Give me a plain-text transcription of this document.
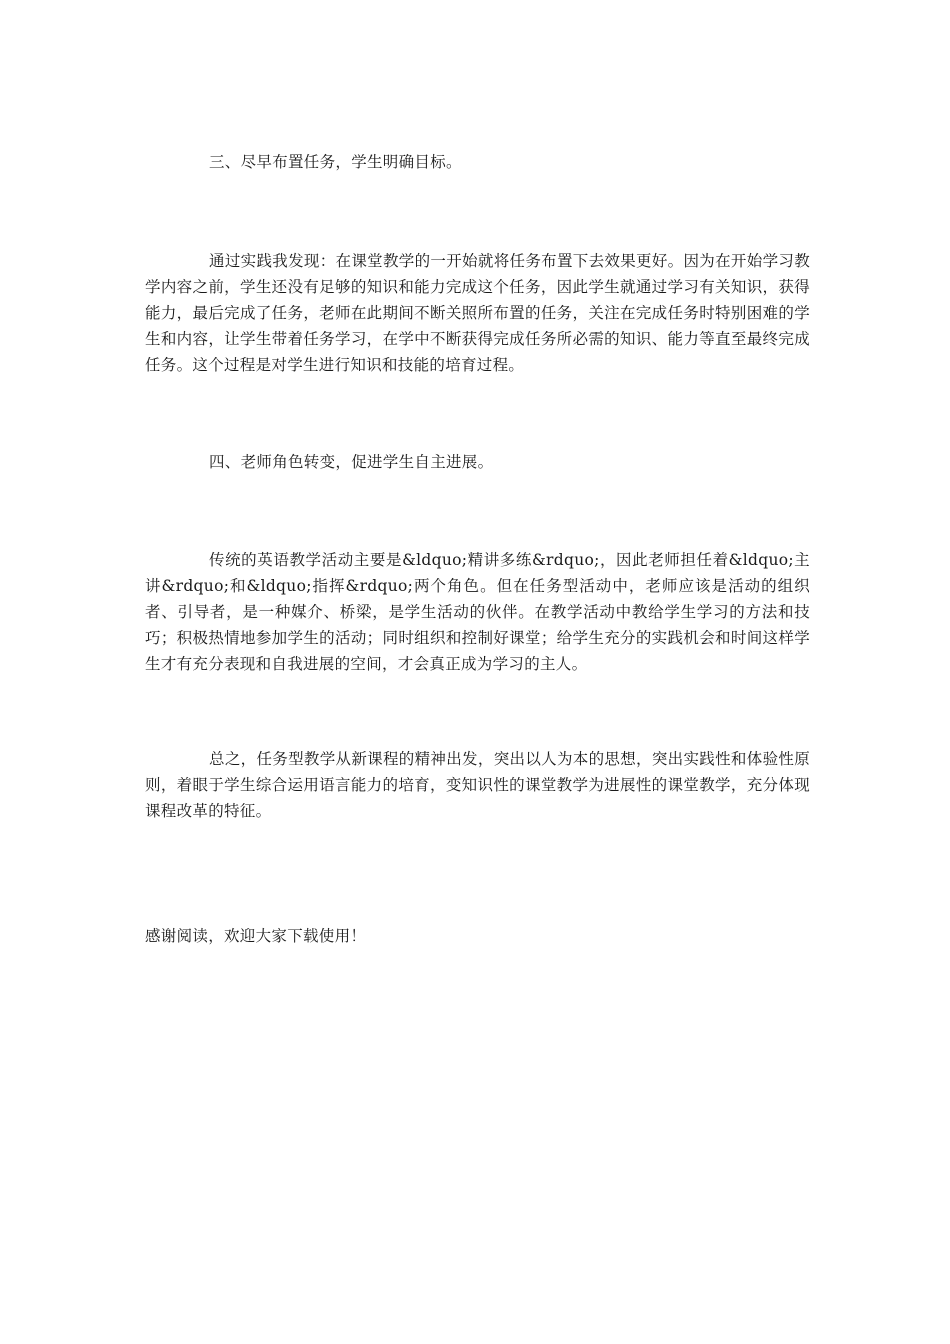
三、尽早布置任务，学生明确目标。

通过实践我发现：在课堂教学的一开始就将任务布置下去效果更好。因为在开始学习教学内容之前，学生还没有足够的知识和能力完成这个任务，因此学生就通过学习有关知识，获得能力，最后完成了任务，老师在此期间不断关照所布置的任务，关注在完成任务时特别困难的学生和内容，让学生带着任务学习，在学中不断获得完成任务所必需的知识、能力等直至最终完成任务。这个过程是对学生进行知识和技能的培育过程。

四、老师角色转变，促进学生自主进展。

传统的英语教学活动主要是&ldquo;精讲多练&rdquo;，因此老师担任着&ldquo;主讲&rdquo;和&ldquo;指挥&rdquo;两个角色。但在任务型活动中，老师应该是活动的组织者、引导者，是一种媒介、桥梁，是学生活动的伙伴。在教学活动中教给学生学习的方法和技巧；积极热情地参加学生的活动；同时组织和控制好课堂；给学生充分的实践机会和时间这样学生才有充分表现和自我进展的空间，才会真正成为学习的主人。

总之，任务型教学从新课程的精神出发，突出以人为本的思想，突出实践性和体验性原则，着眼于学生综合运用语言能力的培育，变知识性的课堂教学为进展性的课堂教学，充分体现课程改革的特征。

感谢阅读，欢迎大家下载使用！
